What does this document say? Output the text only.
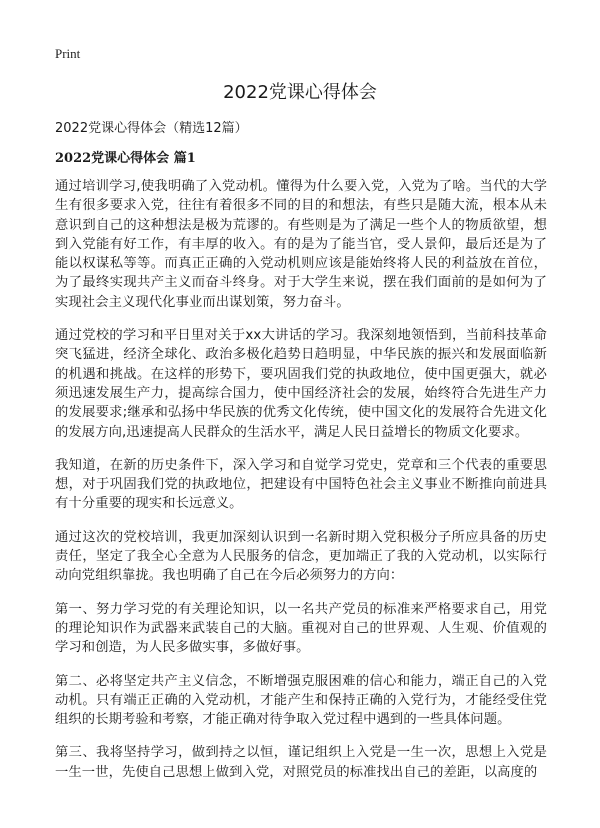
Print
2022党课心得体会
2022党课心得体会（精选12篇）
2022党课心得体会 篇1

通过培训学习,使我明确了入党动机。懂得为什么要入党，入党为了啥。当代的大学生有很多要求入党，往往有着很多不同的目的和想法，有些只是随大流，根本从未意识到自己的这种想法是极为荒谬的。有些则是为了满足一些个人的物质欲望，想到入党能有好工作，有丰厚的收入。有的是为了能当官，受人景仰，最后还是为了能以权谋私等等。而真正正确的入党动机则应该是能始终将人民的利益放在首位，为了最终实现共产主义而奋斗终身。对于大学生来说，摆在我们面前的是如何为了实现社会主义现代化事业而出谋划策，努力奋斗。

通过党校的学习和平日里对关于xx大讲话的学习。我深刻地领悟到，当前科技革命突飞猛进，经济全球化、政治多极化趋势日趋明显，中华民族的振兴和发展面临新的机遇和挑战。在这样的形势下，要巩固我们党的执政地位，使中国更强大，就必须迅速发展生产力，提高综合国力，使中国经济社会的发展，始终符合先进生产力的发展要求;继承和弘扬中华民族的优秀文化传统，使中国文化的发展符合先进文化的发展方向,迅速提高人民群众的生活水平，满足人民日益增长的物质文化要求。

我知道，在新的历史条件下，深入学习和自觉学习党史，党章和三个代表的重要思想，对于巩固我们党的执政地位，把建设有中国特色社会主义事业不断推向前进具有十分重要的现实和长远意义。

通过这次的党校培训，我更加深刻认识到一名新时期入党积极分子所应具备的历史责任，坚定了我全心全意为人民服务的信念，更加端正了我的入党动机，以实际行动向党组织靠拢。我也明确了自己在今后必须努力的方向：

第一、努力学习党的有关理论知识，以一名共产党员的标准来严格要求自己，用党的理论知识作为武器来武装自己的大脑。重视对自己的世界观、人生观、价值观的学习和创造，为人民多做实事，多做好事。

第二、必将坚定共产主义信念，不断增强克服困难的信心和能力，端正自己的入党动机。只有端正正确的入党动机，才能产生和保持正确的入党行为，才能经受住党组织的长期考验和考察，才能正确对待争取入党过程中遇到的一些具体问题。

第三、我将坚持学习，做到持之以恒，谨记组织上入党是一生一次，思想上入党是一生一世，先使自己思想上做到入党，对照党员的标准找出自己的差距，以高度的
